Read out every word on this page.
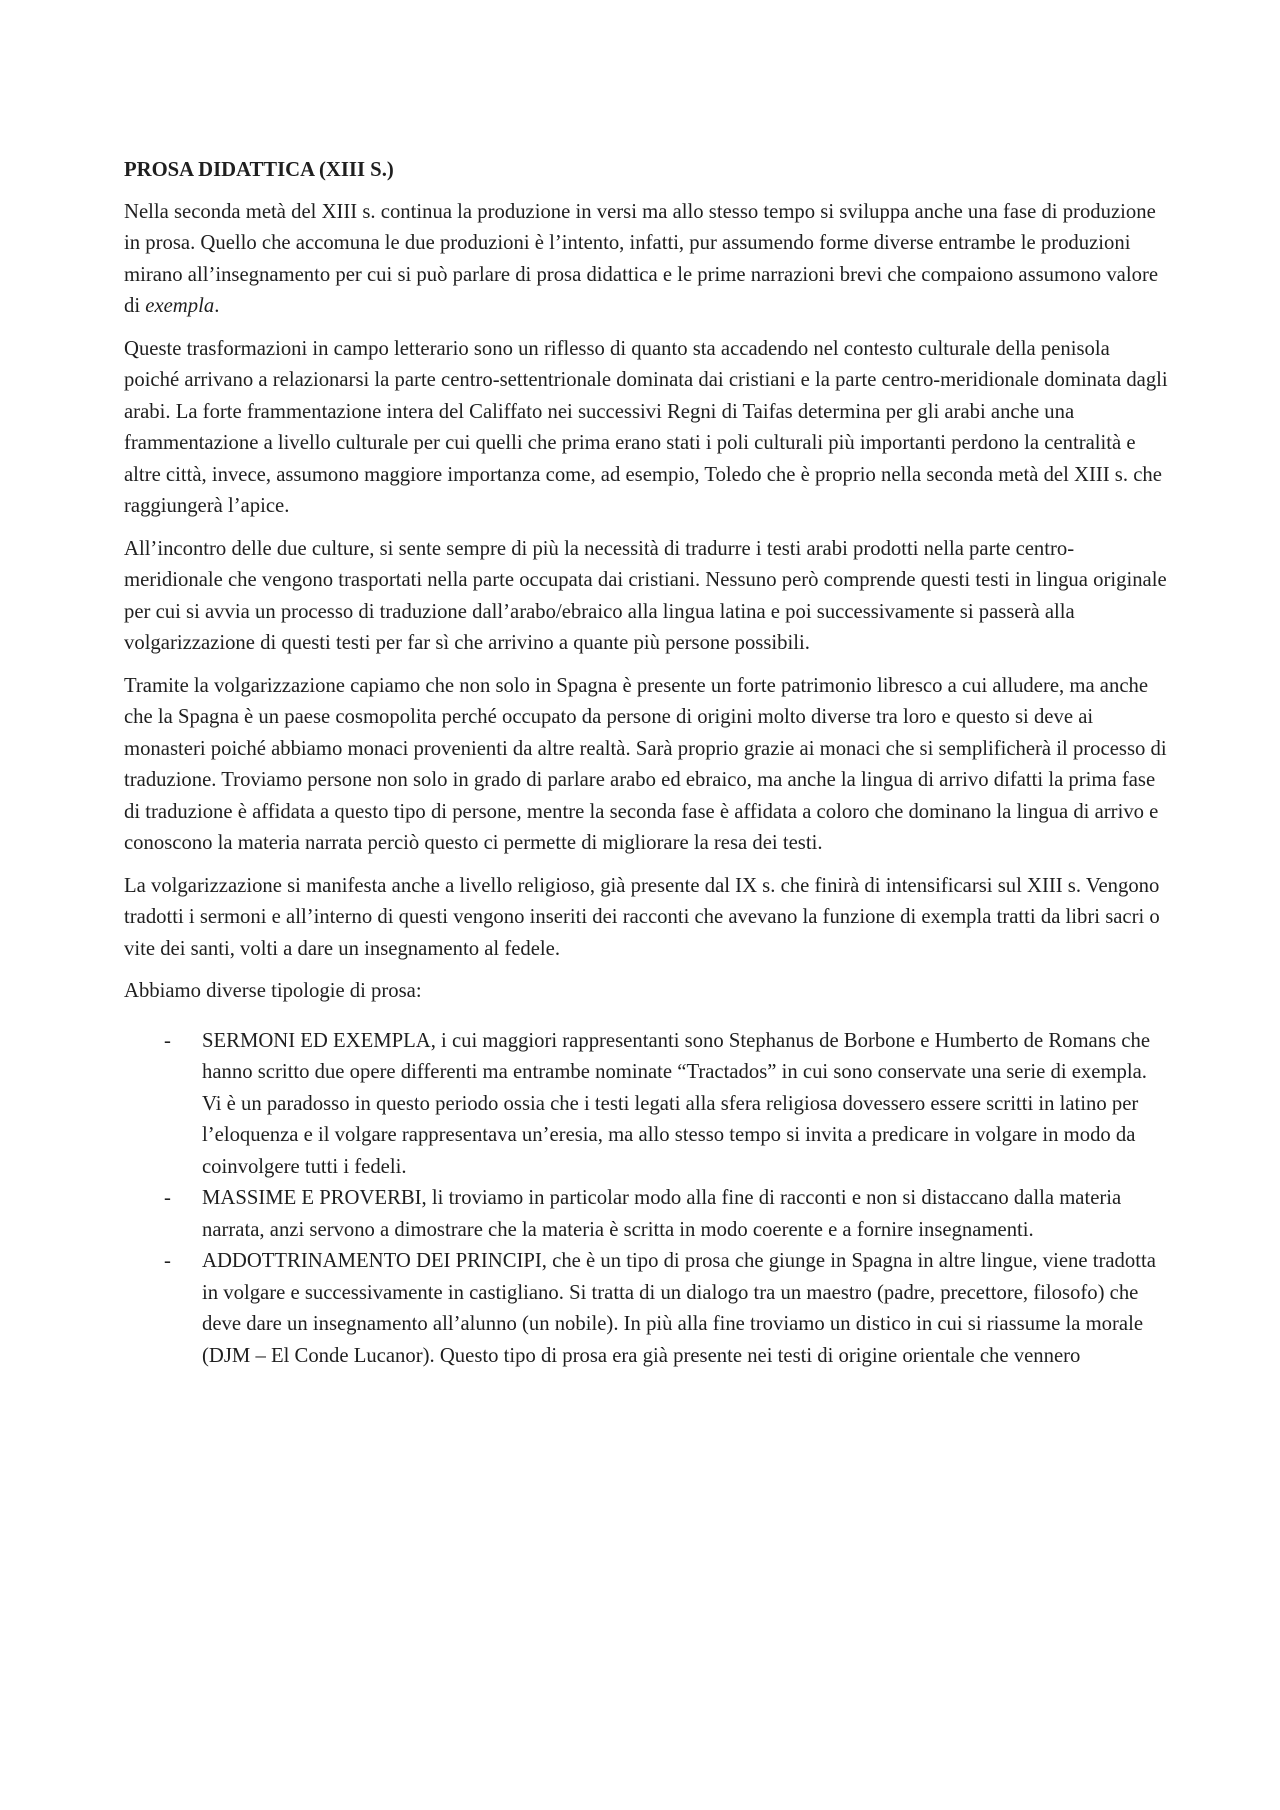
PROSA DIDATTICA (XIII S.)

Nella seconda metà del XIII s. continua la produzione in versi ma allo stesso tempo si sviluppa anche una fase di produzione in prosa. Quello che accomuna le due produzioni è l’intento, infatti, pur assumendo forme diverse entrambe le produzioni mirano all’insegnamento per cui si può parlare di prosa didattica e le prime narrazioni brevi che compaiono assumono valore di exempla.

Queste trasformazioni in campo letterario sono un riflesso di quanto sta accadendo nel contesto culturale della penisola poiché arrivano a relazionarsi la parte centro-settentrionale dominata dai cristiani e la parte centro-meridionale dominata dagli arabi. La forte frammentazione intera del Califfato nei successivi Regni di Taifas determina per gli arabi anche una frammentazione a livello culturale per cui quelli che prima erano stati i poli culturali più importanti perdono la centralità e altre città, invece, assumono maggiore importanza come, ad esempio, Toledo che è proprio nella seconda metà del XIII s. che raggiungerà l’apice.

All’incontro delle due culture, si sente sempre di più la necessità di tradurre i testi arabi prodotti nella parte centro-meridionale che vengono trasportati nella parte occupata dai cristiani. Nessuno però comprende questi testi in lingua originale per cui si avvia un processo di traduzione dall’arabo/ebraico alla lingua latina e poi successivamente si passerà alla volgarizzazione di questi testi per far sì che arrivino a quante più persone possibili.

Tramite la volgarizzazione capiamo che non solo in Spagna è presente un forte patrimonio libresco a cui alludere, ma anche che la Spagna è un paese cosmopolita perché occupato da persone di origini molto diverse tra loro e questo si deve ai monasteri poiché abbiamo monaci provenienti da altre realtà. Sarà proprio grazie ai monaci che si semplificherà il processo di traduzione. Troviamo persone non solo in grado di parlare arabo ed ebraico, ma anche la lingua di arrivo difatti la prima fase di traduzione è affidata a questo tipo di persone, mentre la seconda fase è affidata a coloro che dominano la lingua di arrivo e conoscono la materia narrata perciò questo ci permette di migliorare la resa dei testi.

La volgarizzazione si manifesta anche a livello religioso, già presente dal IX s. che finirà di intensificarsi sul XIII s. Vengono tradotti i sermoni e all’interno di questi vengono inseriti dei racconti che avevano la funzione di exempla tratti da libri sacri o vite dei santi, volti a dare un insegnamento al fedele.

Abbiamo diverse tipologie di prosa:

- SERMONI ED EXEMPLA, i cui maggiori rappresentanti sono Stephanus de Borbone e Humberto de Romans che hanno scritto due opere differenti ma entrambe nominate “Tractados” in cui sono conservate una serie di exempla.
Vi è un paradosso in questo periodo ossia che i testi legati alla sfera religiosa dovessero essere scritti in latino per l’eloquenza e il volgare rappresentava un’eresia, ma allo stesso tempo si invita a predicare in volgare in modo da coinvolgere tutti i fedeli.
- MASSIME E PROVERBI, li troviamo in particolar modo alla fine di racconti e non si distaccano dalla materia narrata, anzi servono a dimostrare che la materia è scritta in modo coerente e a fornire insegnamenti.
- ADDOTTRINAMENTO DEI PRINCIPI, che è un tipo di prosa che giunge in Spagna in altre lingue, viene tradotta in volgare e successivamente in castigliano. Si tratta di un dialogo tra un maestro (padre, precettore, filosofo) che deve dare un insegnamento all’alunno (un nobile). In più alla fine troviamo un distico in cui si riassume la morale (DJM – El Conde Lucanor). Questo tipo di prosa era già presente nei testi di origine orientale che vennero
